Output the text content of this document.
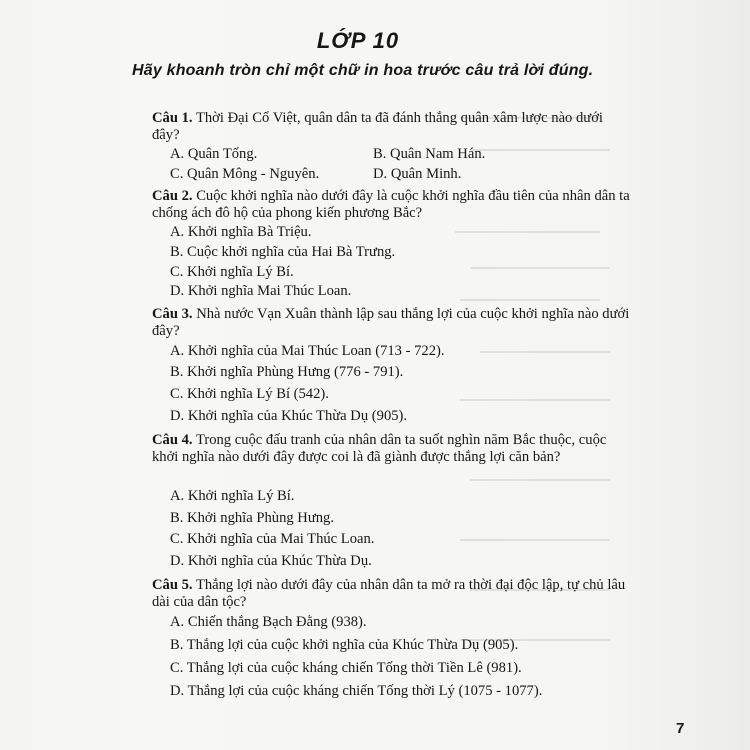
LỚP 10
Hãy khoanh tròn chỉ một chữ in hoa trước câu trả lời đúng.
Câu 1. Thời Đại Cổ Việt, quân dân ta đã đánh thắng quân xâm lược nào dưới đây?
A. Quân Tống.	B. Quân Nam Hán.
C. Quân Mông - Nguyên.	D. Quân Minh.
Câu 2. Cuộc khởi nghĩa nào dưới đây là cuộc khởi nghĩa đầu tiên của nhân dân ta chống ách đô hộ của phong kiến phương Bắc?
A. Khởi nghĩa Bà Triệu.
B. Cuộc khởi nghĩa của Hai Bà Trưng.
C. Khởi nghĩa Lý Bí.
D. Khởi nghĩa Mai Thúc Loan.
Câu 3. Nhà nước Vạn Xuân thành lập sau thắng lợi của cuộc khởi nghĩa nào dưới đây?
A. Khởi nghĩa của Mai Thúc Loan (713 - 722).
B. Khởi nghĩa Phùng Hưng (776 - 791).
C. Khởi nghĩa Lý Bí (542).
D. Khởi nghĩa của Khúc Thừa Dụ (905).
Câu 4. Trong cuộc đấu tranh của nhân dân ta suốt nghìn năm Bắc thuộc, cuộc khởi nghĩa nào dưới đây được coi là đã giành được thắng lợi căn bản?
A. Khởi nghĩa Lý Bí.
B. Khởi nghĩa Phùng Hưng.
C. Khởi nghĩa của Mai Thúc Loan.
D. Khởi nghĩa của Khúc Thừa Dụ.
Câu 5. Thắng lợi nào dưới đây của nhân dân ta mở ra thời đại độc lập, tự chủ lâu dài của dân tộc?
A. Chiến thắng Bạch Đằng (938).
B. Thắng lợi của cuộc khởi nghĩa của Khúc Thừa Dụ (905).
C. Thắng lợi của cuộc kháng chiến Tống thời Tiền Lê (981).
D. Thắng lợi của cuộc kháng chiến Tống thời Lý (1075 - 1077).
7
